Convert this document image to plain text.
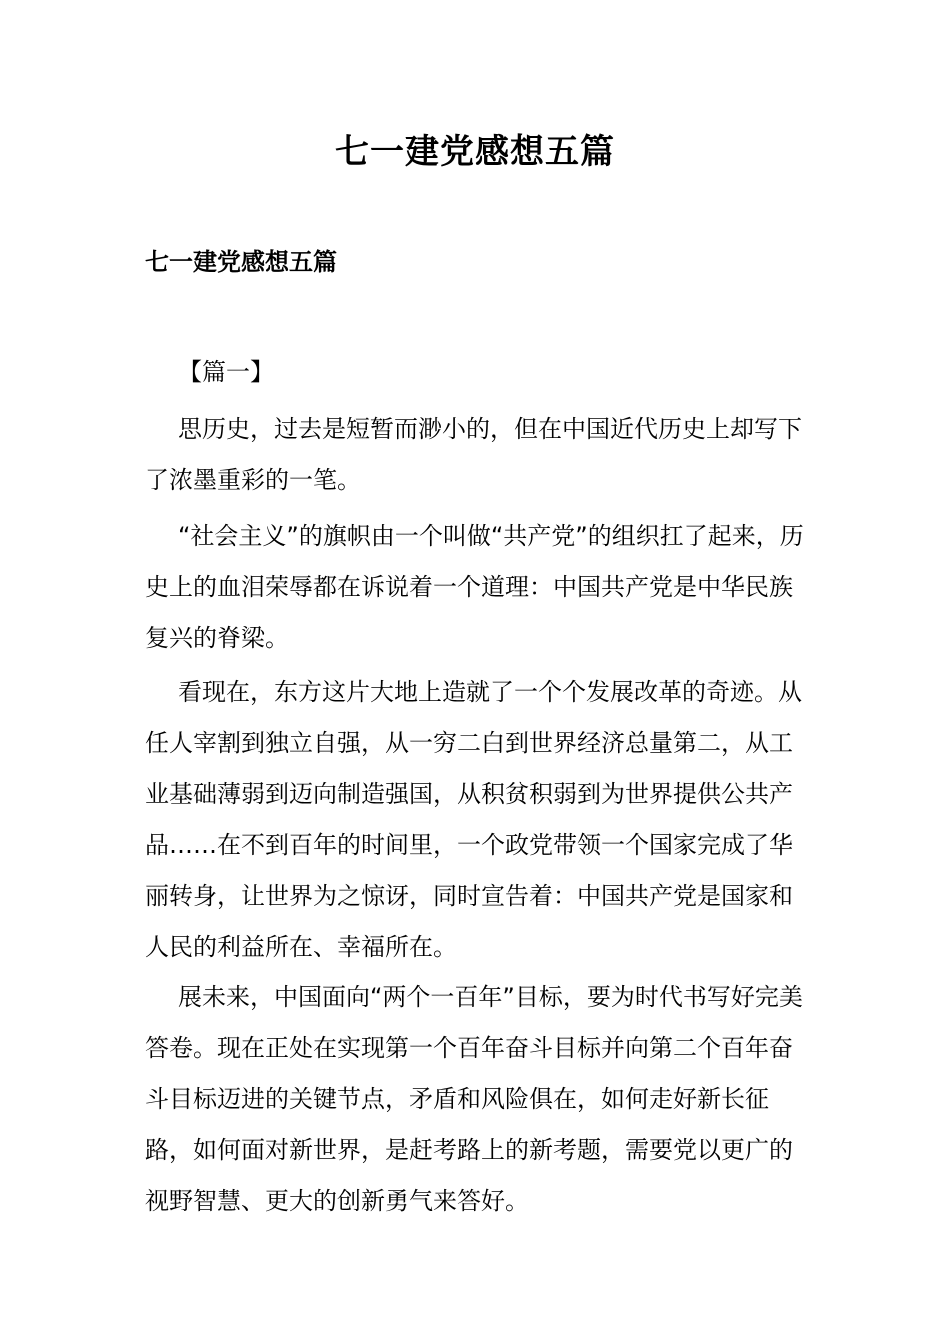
七一建党感想五篇
七一建党感想五篇

【篇一】

思历史，过去是短暂而渺小的，但在中国近代历史上却写下了浓墨重彩的一笔。

“社会主义”的旗帜由一个叫做“共产党”的组织扛了起来，历史上的血泪荣辱都在诉说着一个道理：中国共产党是中华民族复兴的脊梁。

看现在，东方这片大地上造就了一个个发展改革的奇迹。从任人宰割到独立自强，从一穷二白到世界经济总量第二，从工业基础薄弱到迈向制造强国，从积贫积弱到为世界提供公共产品……在不到百年的时间里，一个政党带领一个国家完成了华丽转身，让世界为之惊讶，同时宣告着：中国共产党是国家和人民的利益所在、幸福所在。

展未来，中国面向“两个一百年”目标，要为时代书写好完美答卷。现在正处在实现第一个百年奋斗目标并向第二个百年奋斗目标迈进的关键节点，矛盾和风险俱在，如何走好新长征路，如何面对新世界，是赶考路上的新考题，需要党以更广的视野智慧、更大的创新勇气来答好。
